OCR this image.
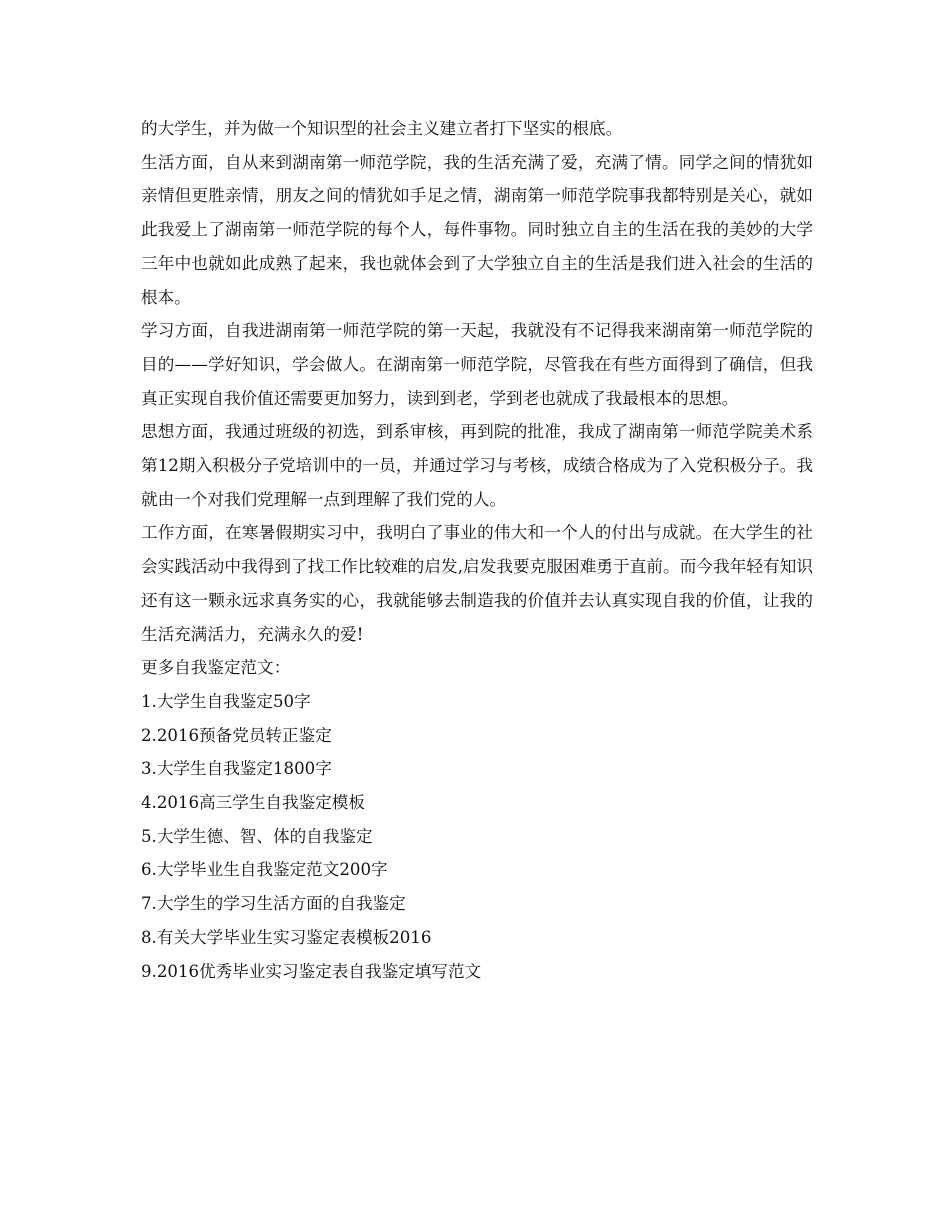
的大学生，并为做一个知识型的社会主义建立者打下坚实的根底。

生活方面，自从来到湖南第一师范学院，我的生活充满了爱，充满了情。同学之间的情犹如亲情但更胜亲情，朋友之间的情犹如手足之情，湖南第一师范学院事我都特别是关心，就如此我爱上了湖南第一师范学院的每个人，每件事物。同时独立自主的生活在我的美妙的大学三年中也就如此成熟了起来，我也就体会到了大学独立自主的生活是我们进入社会的生活的根本。

学习方面，自我进湖南第一师范学院的第一天起，我就没有不记得我来湖南第一师范学院的目的——学好知识，学会做人。在湖南第一师范学院，尽管我在有些方面得到了确信，但我真正实现自我价值还需要更加努力，读到到老，学到老也就成了我最根本的思想。

思想方面，我通过班级的初选，到系审核，再到院的批准，我成了湖南第一师范学院美术系第12期入积极分子党培训中的一员，并通过学习与考核，成绩合格成为了入党积极分子。我就由一个对我们党理解一点到理解了我们党的人。

工作方面，在寒暑假期实习中，我明白了事业的伟大和一个人的付出与成就。在大学生的社会实践活动中我得到了找工作比较难的启发,启发我要克服困难勇于直前。而今我年轻有知识还有这一颗永远求真务实的心，我就能够去制造我的价值并去认真实现自我的价值，让我的生活充满活力，充满永久的爱!

更多自我鉴定范文：

1.大学生自我鉴定50字
2.2016预备党员转正鉴定
3.大学生自我鉴定1800字
4.2016高三学生自我鉴定模板
5.大学生德、智、体的自我鉴定
6.大学毕业生自我鉴定范文200字
7.大学生的学习生活方面的自我鉴定
8.有关大学毕业生实习鉴定表模板2016
9.2016优秀毕业实习鉴定表自我鉴定填写范文
